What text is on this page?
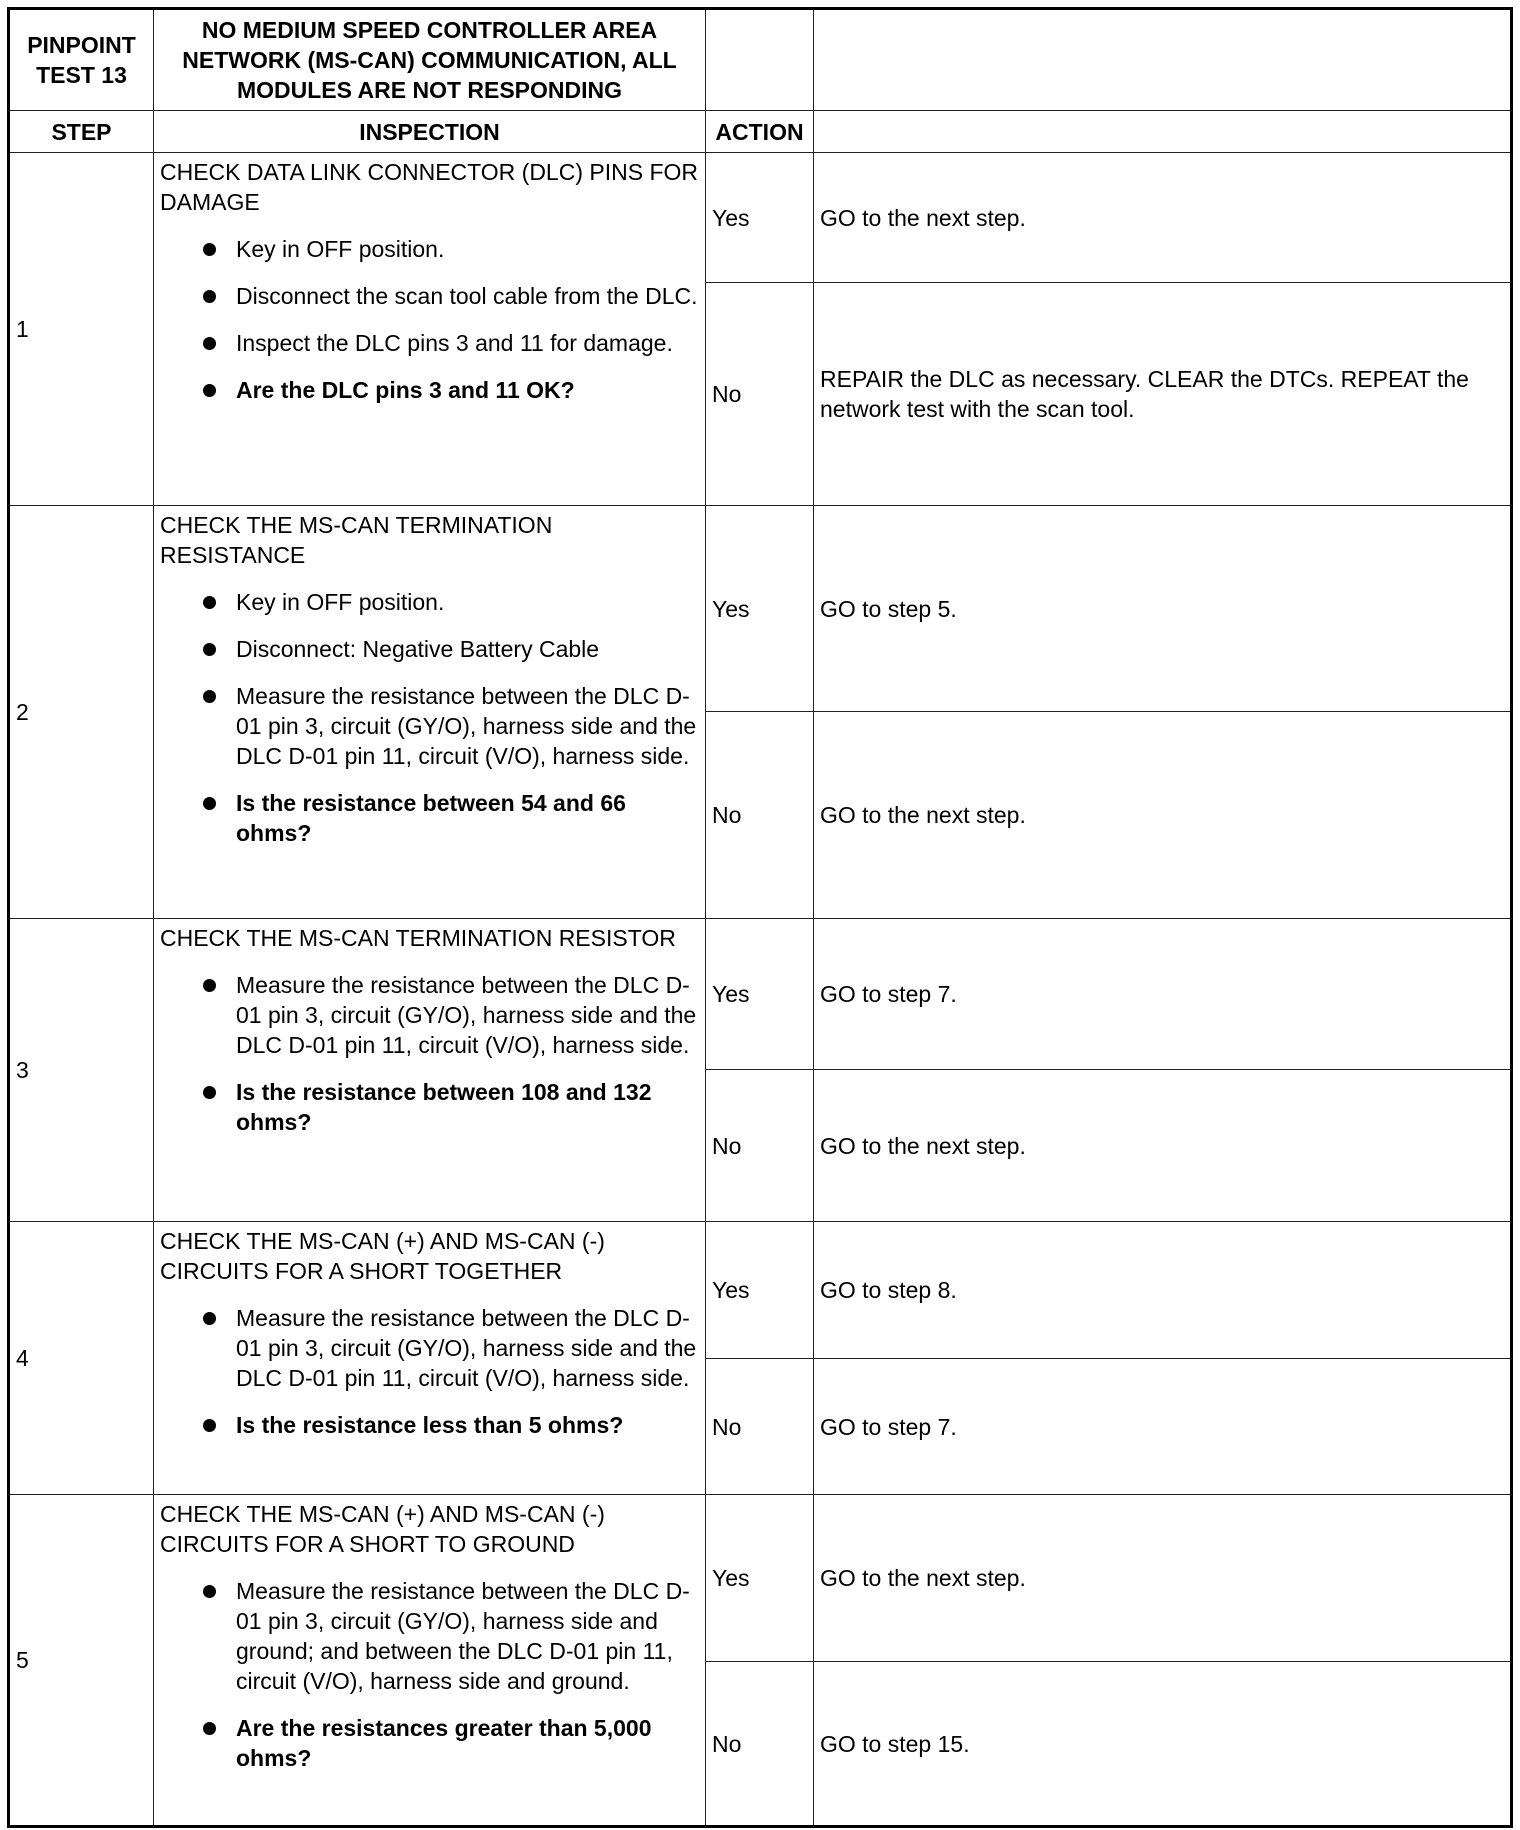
PINPOINT TEST 13	NO MEDIUM SPEED CONTROLLER AREA NETWORK (MS-CAN) COMMUNICATION, ALL MODULES ARE NOT RESPONDING		
STEP	INSPECTION	ACTION	
1	CHECK DATA LINK CONNECTOR (DLC) PINS FOR DAMAGE
Key in OFF position.
Disconnect the scan tool cable from the DLC.
Inspect the DLC pins 3 and 11 for damage.
Are the DLC pins 3 and 11 OK?	Yes	GO to the next step.
		No	REPAIR the DLC as necessary. CLEAR the DTCs. REPEAT the network test with the scan tool.
2	CHECK THE MS-CAN TERMINATION RESISTANCE
Key in OFF position.
Disconnect: Negative Battery Cable
Measure the resistance between the DLC D-01 pin 3, circuit (GY/O), harness side and the DLC D-01 pin 11, circuit (V/O), harness side.
Is the resistance between 54 and 66 ohms?	Yes	GO to step 5.
		No	GO to the next step.
3	CHECK THE MS-CAN TERMINATION RESISTOR
Measure the resistance between the DLC D-01 pin 3, circuit (GY/O), harness side and the DLC D-01 pin 11, circuit (V/O), harness side.
Is the resistance between 108 and 132 ohms?	Yes	GO to step 7.
		No	GO to the next step.
4	CHECK THE MS-CAN (+) AND MS-CAN (-) CIRCUITS FOR A SHORT TOGETHER
Measure the resistance between the DLC D-01 pin 3, circuit (GY/O), harness side and the DLC D-01 pin 11, circuit (V/O), harness side.
Is the resistance less than 5 ohms?	Yes	GO to step 8.
		No	GO to step 7.
5	CHECK THE MS-CAN (+) AND MS-CAN (-) CIRCUITS FOR A SHORT TO GROUND
Measure the resistance between the DLC D-01 pin 3, circuit (GY/O), harness side and ground; and between the DLC D-01 pin 11, circuit (V/O), harness side and ground.
Are the resistances greater than 5,000 ohms?	Yes	GO to the next step.
		No	GO to step 15.
